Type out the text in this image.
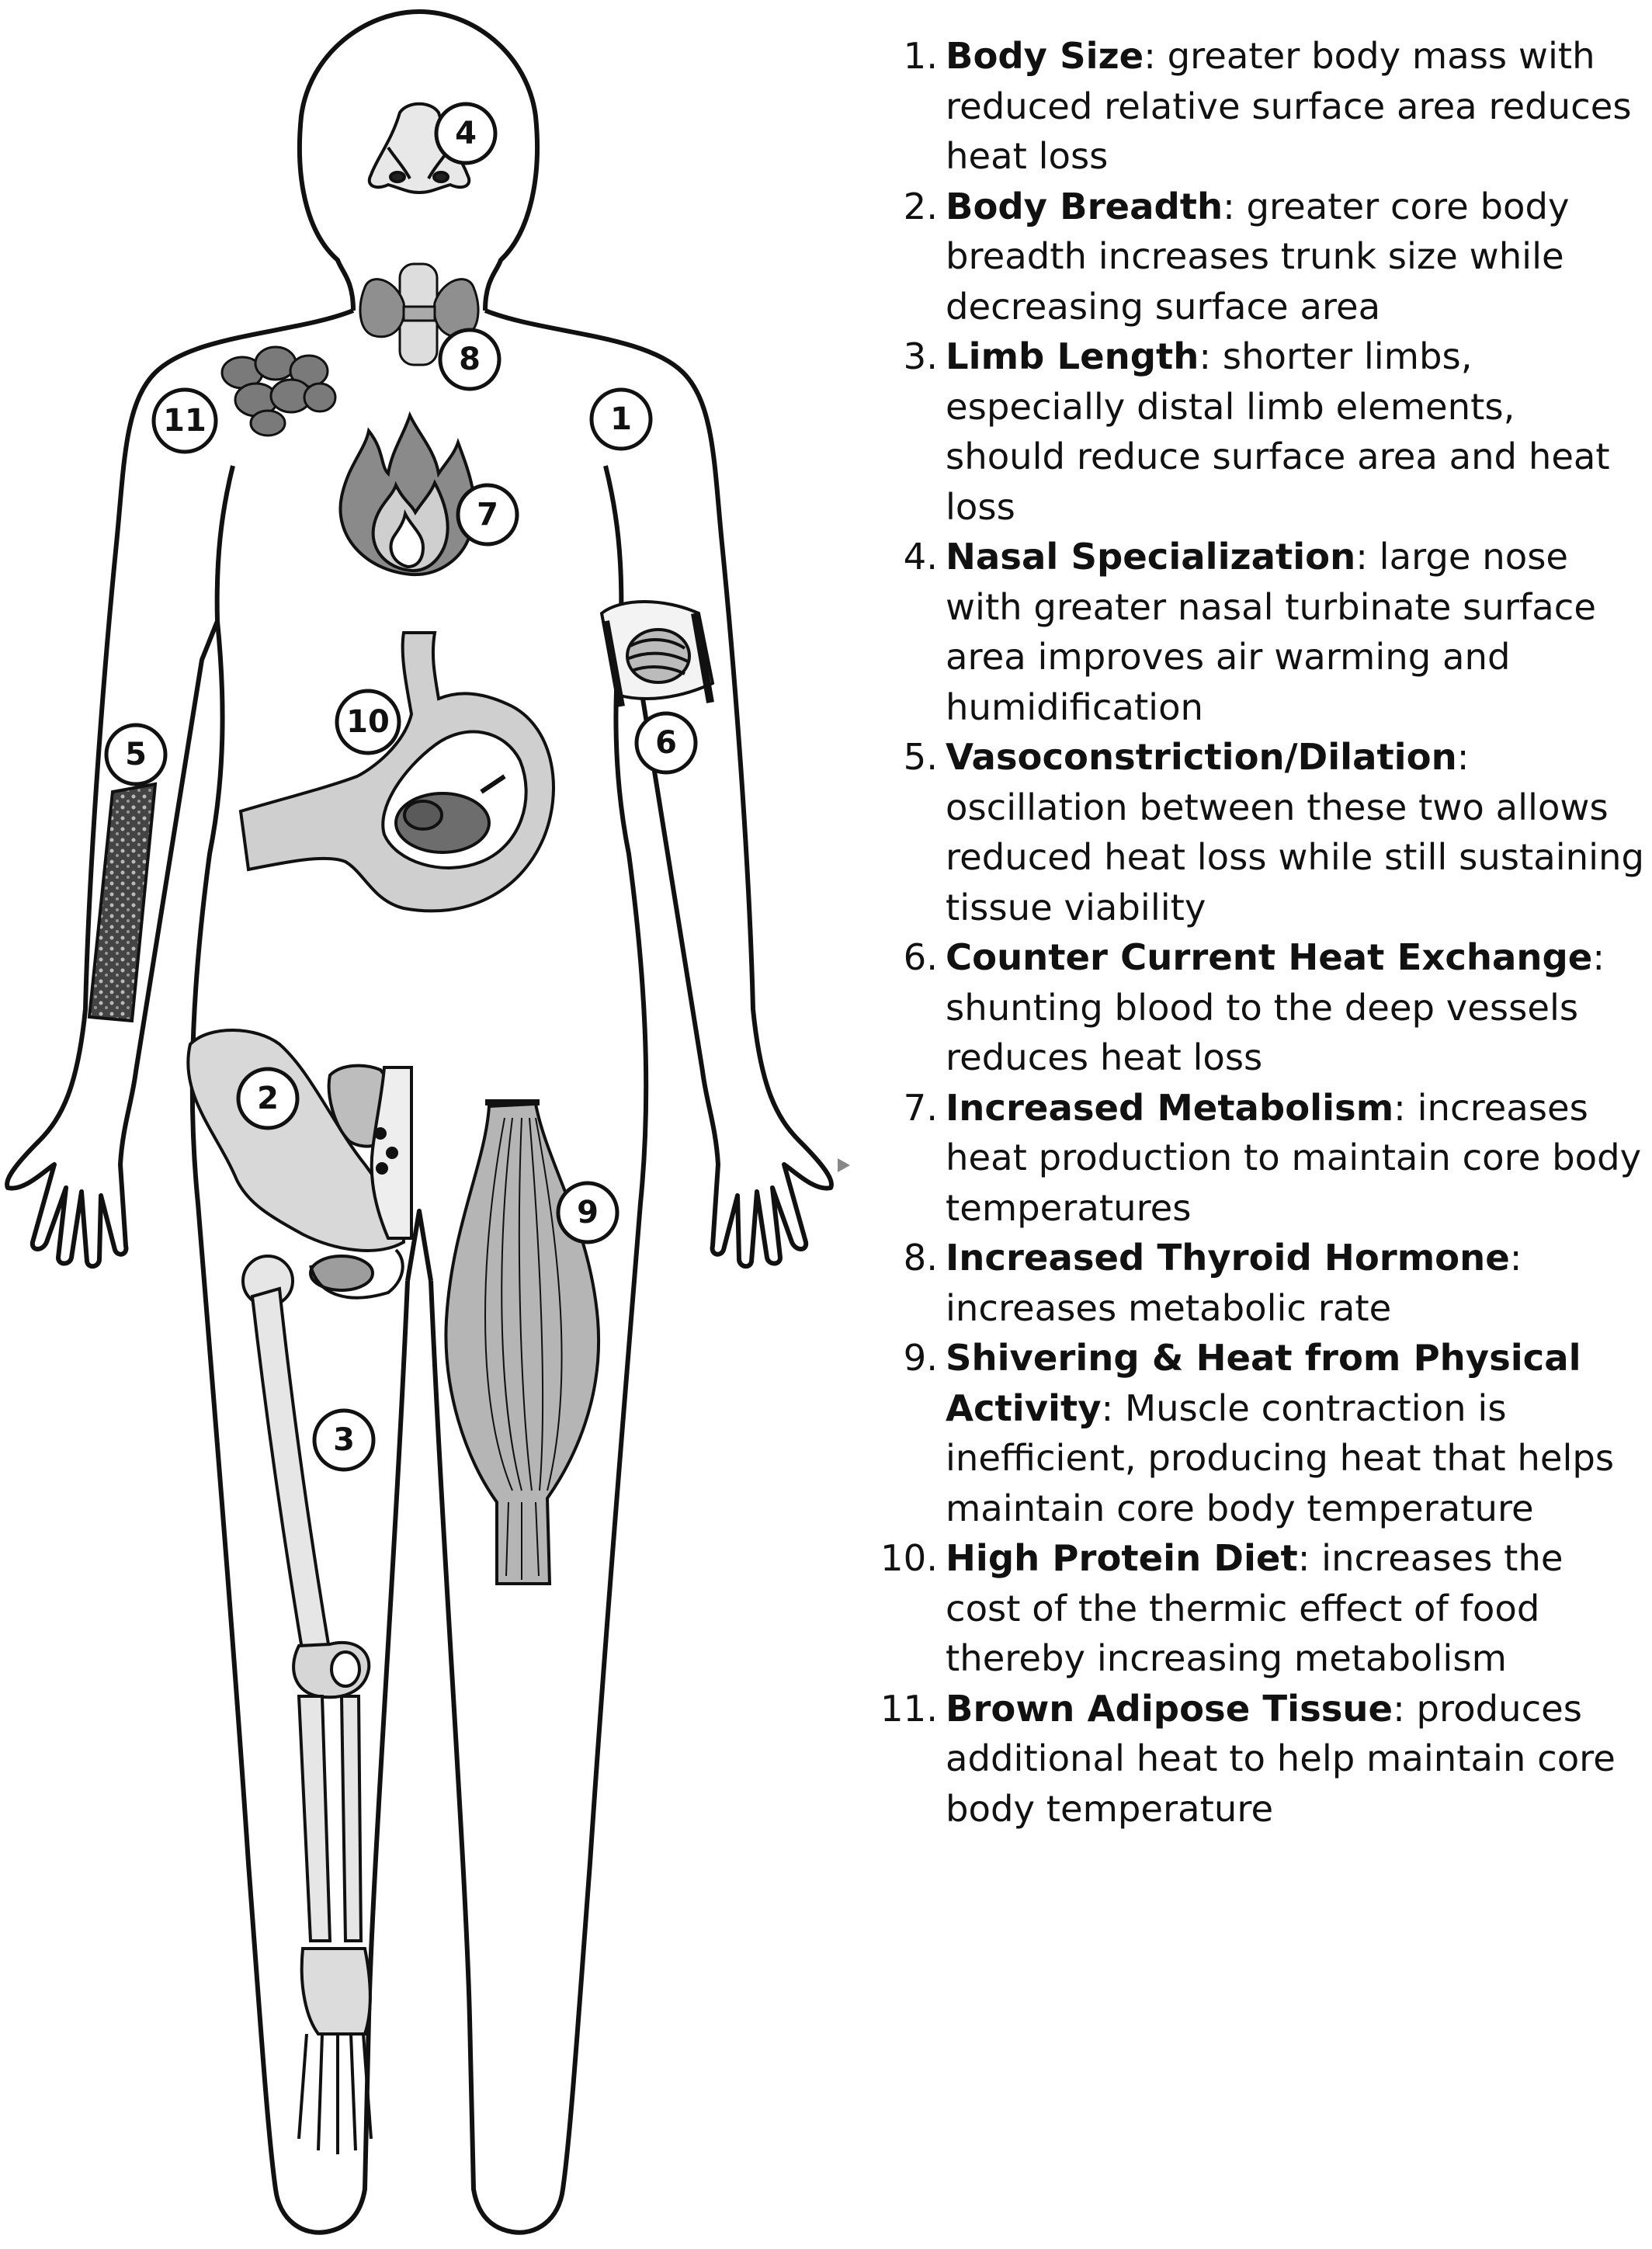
1
2
3
4
5	6
7
8
9
10
11
1. Body Size: greater body mass with reduced relative surface area reduces heat loss
2. Body Breadth: greater core body breadth increases trunk size while decreasing surface area
3. Limb Length: shorter limbs, especially distal limb elements, should reduce surface area and heat loss
4. Nasal Specialization: large nose with greater nasal turbinate surface area improves air warming and humidification
5. Vasoconstriction/Dilation: oscillation between these two allows reduced heat loss while still sustaining tissue viability
6. Counter Current Heat Exchange: shunting blood to the deep vessels reduces heat loss
7. Increased Metabolism: increases heat production to maintain core body temperatures
8. Increased Thyroid Hormone: increases metabolic rate
9. Shivering & Heat from Physical Activity: Muscle contraction is inefficient, producing heat that helps maintain core body temperature
10. High Protein Diet: increases the cost of the thermic effect of food thereby increasing metabolism
11. Brown Adipose Tissue: produces additional heat to help maintain core body temperature
